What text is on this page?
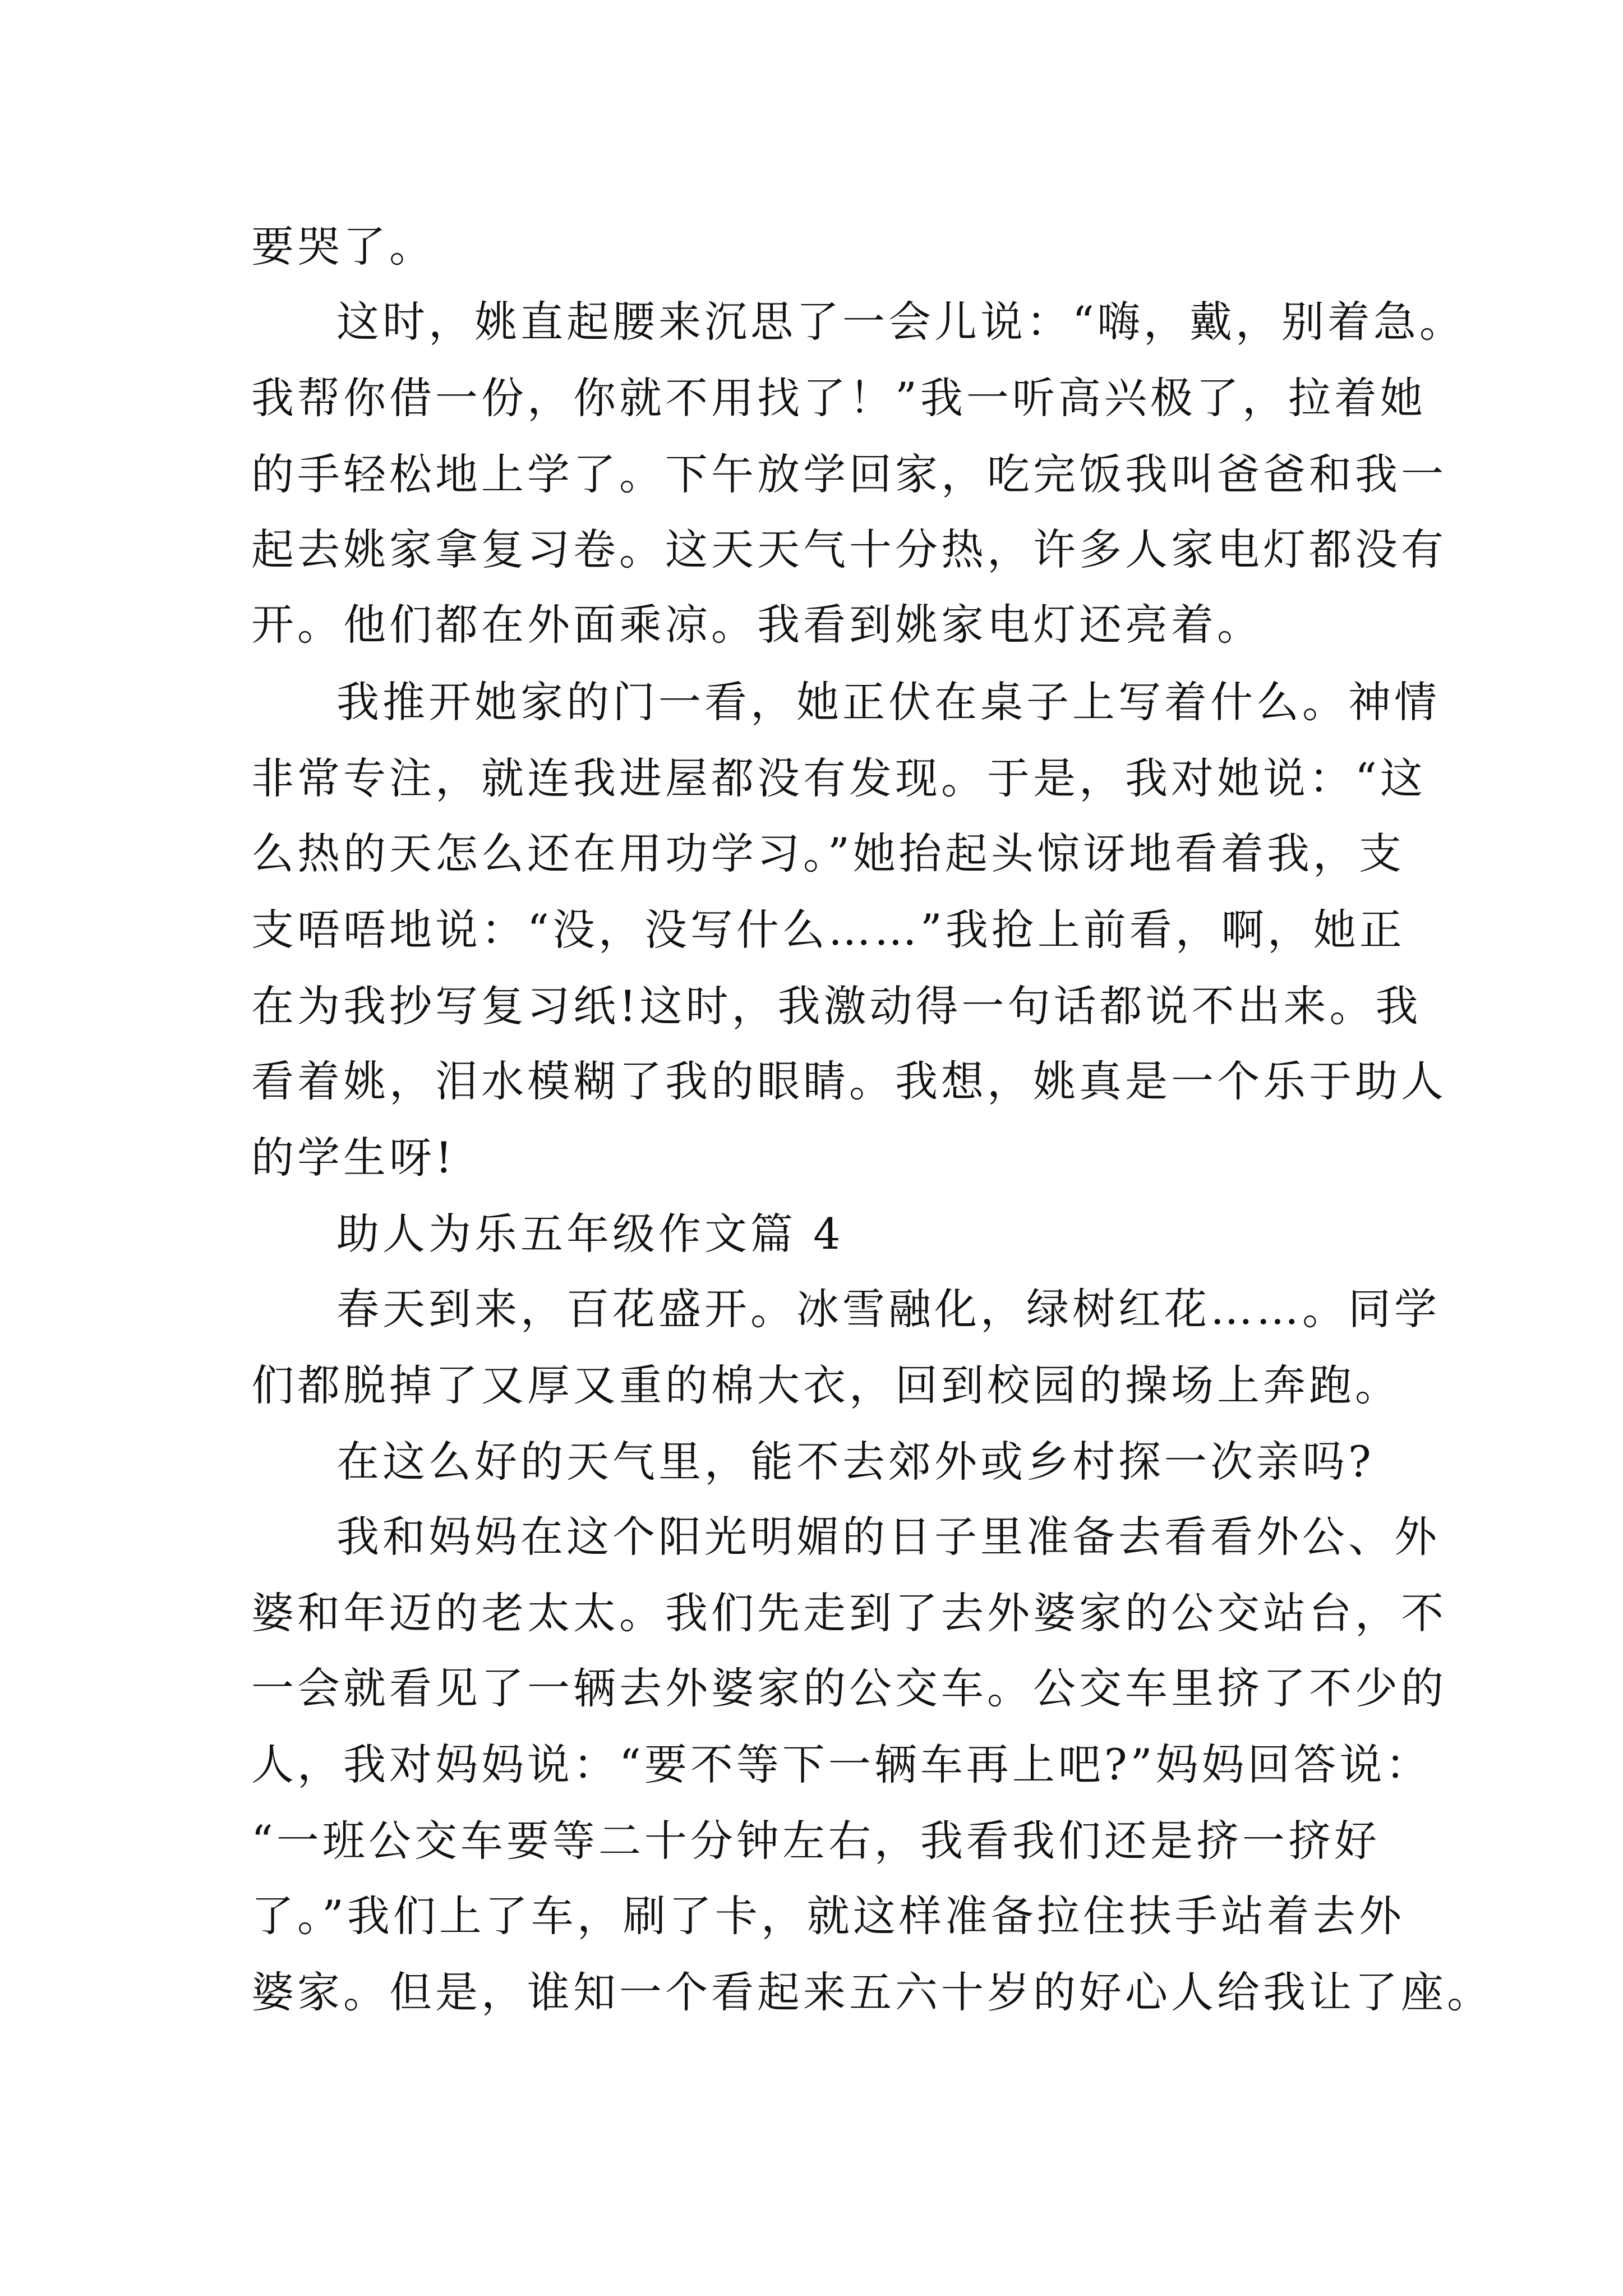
要哭了。
这时，姚直起腰来沉思了一会儿说：“嗨，戴，别着急。
我帮你借一份，你就不用找了！”我一听高兴极了，拉着她
的手轻松地上学了。下午放学回家，吃完饭我叫爸爸和我一
起去姚家拿复习卷。这天天气十分热，许多人家电灯都没有
开。他们都在外面乘凉。我看到姚家电灯还亮着。
我推开她家的门一看，她正伏在桌子上写着什么。神情
非常专注，就连我进屋都没有发现。于是，我对她说：“这
么热的天怎么还在用功学习。”她抬起头惊讶地看着我，支
支唔唔地说：“没，没写什么……”我抢上前看，啊，她正
在为我抄写复习纸!这时，我激动得一句话都说不出来。我
看着姚，泪水模糊了我的眼睛。我想，姚真是一个乐于助人
的学生呀!
助人为乐五年级作文篇 4
春天到来，百花盛开。冰雪融化，绿树红花……。同学
们都脱掉了又厚又重的棉大衣，回到校园的操场上奔跑。
在这么好的天气里，能不去郊外或乡村探一次亲吗?
我和妈妈在这个阳光明媚的日子里准备去看看外公、外
婆和年迈的老太太。我们先走到了去外婆家的公交站台，不
一会就看见了一辆去外婆家的公交车。公交车里挤了不少的
人，我对妈妈说：“要不等下一辆车再上吧?”妈妈回答说：
“一班公交车要等二十分钟左右，我看我们还是挤一挤好
了。”我们上了车，刷了卡，就这样准备拉住扶手站着去外
婆家。但是，谁知一个看起来五六十岁的好心人给我让了座。
